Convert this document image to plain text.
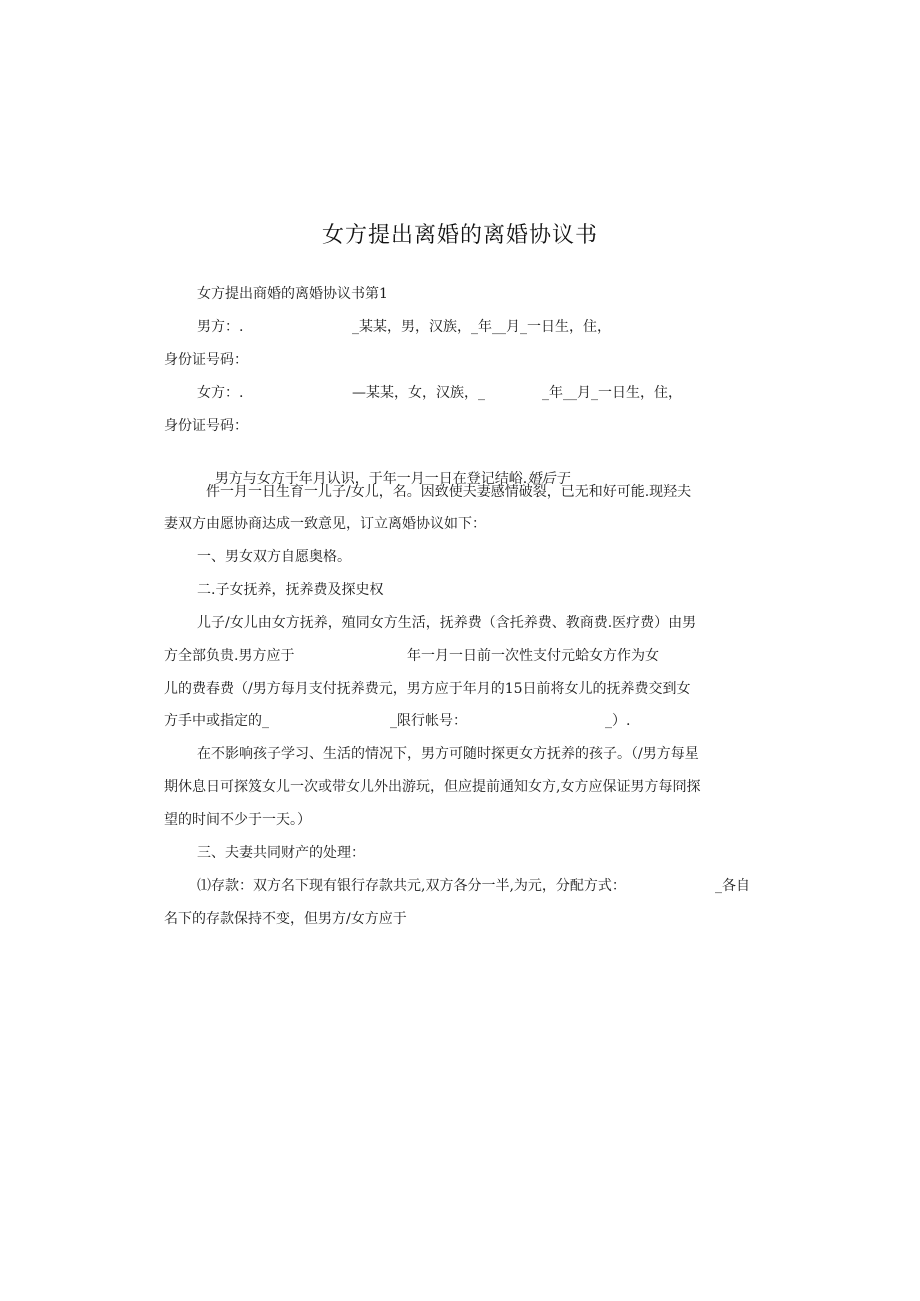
女方提出离婚的离婚协议书
女方提出商婚的离婚协议书第1
男方：.	_某某，男，汉族，_年__月_一日生，住，
身份证号码：
女方：.	—某某，女，汉族，_	_年__月_一日生，住，
身份证号码：

男方与女方于年月认识，于年一月一日在登记结峪.婚后于

件一月一日生育一儿子/女儿，名。因致使夫妻感情破裂，已无和好可能.现羟夫
妻双方由愿协商达成一致意见，订立离婚协议如下：
一、男女双方自愿奥格。
二.子女抚养，抚养费及探史权
儿子/女儿由女方抚养，殖同女方生活，抚养费（含托养费、教商费.医疗费）由男
方全部负贵.男方应于	年一月一日前一次性支付元蛤女方作为女
儿的费春费（/男方每月支付抚养费元，男方应于年月的15日前将女儿的抚养费交到女
方手中或指定的_	_限行帐号：	_）.
在不影响孩子学习、生活的情况下，男方可随时探更女方抚养的孩子。（/男方每星
期休息日可探笈女儿一次或带女儿外出游玩，但应提前通知女方,女方应保证男方每冏探
望的时间不少于一天。）
三、夫妻共同财产的处理：
⑴存款：双方名下现有银行存款共元,双方各分一半,为元，分配方式：	_各自
名下的存款保持不变，但男方/女方应于
